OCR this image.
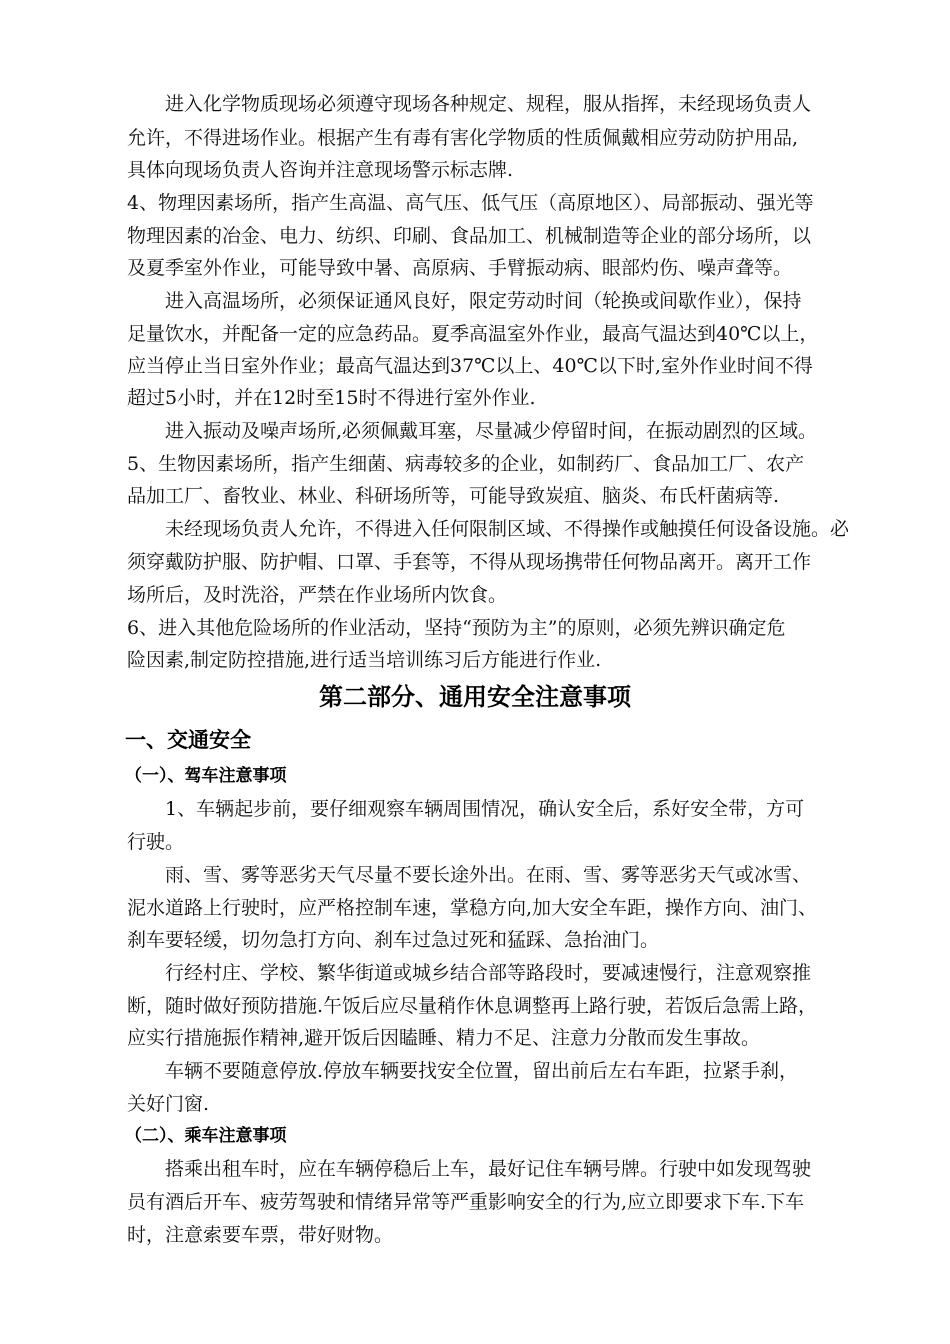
进入化学物质现场必须遵守现场各种规定、规程，服从指挥，未经现场负责人
允许，不得进场作业。根据产生有毒有害化学物质的性质佩戴相应劳动防护用品,
具体向现场负责人咨询并注意现场警示标志牌.
4、物理因素场所，指产生高温、高气压、低气压（高原地区）、局部振动、强光等
物理因素的冶金、电力、纺织、印刷、食品加工、机械制造等企业的部分场所，以
及夏季室外作业，可能导致中暑、高原病、手臂振动病、眼部灼伤、噪声聋等。
进入高温场所，必须保证通风良好，限定劳动时间（轮换或间歇作业），保持
足量饮水，并配备一定的应急药品。夏季高温室外作业，最高气温达到40℃以上，
应当停止当日室外作业；最高气温达到37℃以上、40℃以下时,室外作业时间不得
超过5小时，并在12时至15时不得进行室外作业.
进入振动及噪声场所,必须佩戴耳塞，尽量减少停留时间，在振动剧烈的区域。
5、生物因素场所，指产生细菌、病毒较多的企业，如制药厂、食品加工厂、农产
品加工厂、畜牧业、林业、科研场所等，可能导致炭疽、脑炎、布氏杆菌病等.
未经现场负责人允许，不得进入任何限制区域、不得操作或触摸任何设备设施。必
须穿戴防护服、防护帽、口罩、手套等，不得从现场携带任何物品离开。离开工作
场所后，及时洗浴，严禁在作业场所内饮食。
6、进入其他危险场所的作业活动，坚持“预防为主”的原则，必须先辨识确定危
险因素,制定防控措施,进行适当培训练习后方能进行作业.
第二部分、通用安全注意事项
一、交通安全
（一）、驾车注意事项
1、车辆起步前，要仔细观察车辆周围情况，确认安全后，系好安全带，方可
行驶。
雨、雪、雾等恶劣天气尽量不要长途外出。在雨、雪、雾等恶劣天气或冰雪、
泥水道路上行驶时，应严格控制车速，掌稳方向,加大安全车距，操作方向、油门、
刹车要轻缓，切勿急打方向、刹车过急过死和猛踩、急抬油门。
行经村庄、学校、繁华街道或城乡结合部等路段时，要减速慢行，注意观察推
断，随时做好预防措施.午饭后应尽量稍作休息调整再上路行驶，若饭后急需上路，
应实行措施振作精神,避开饭后因瞌睡、精力不足、注意力分散而发生事故。
车辆不要随意停放.停放车辆要找安全位置，留出前后左右车距，拉紧手刹，
关好门窗.
（二）、乘车注意事项
搭乘出租车时，应在车辆停稳后上车，最好记住车辆号牌。行驶中如发现驾驶
员有酒后开车、疲劳驾驶和情绪异常等严重影响安全的行为,应立即要求下车.下车
时，注意索要车票，带好财物。
